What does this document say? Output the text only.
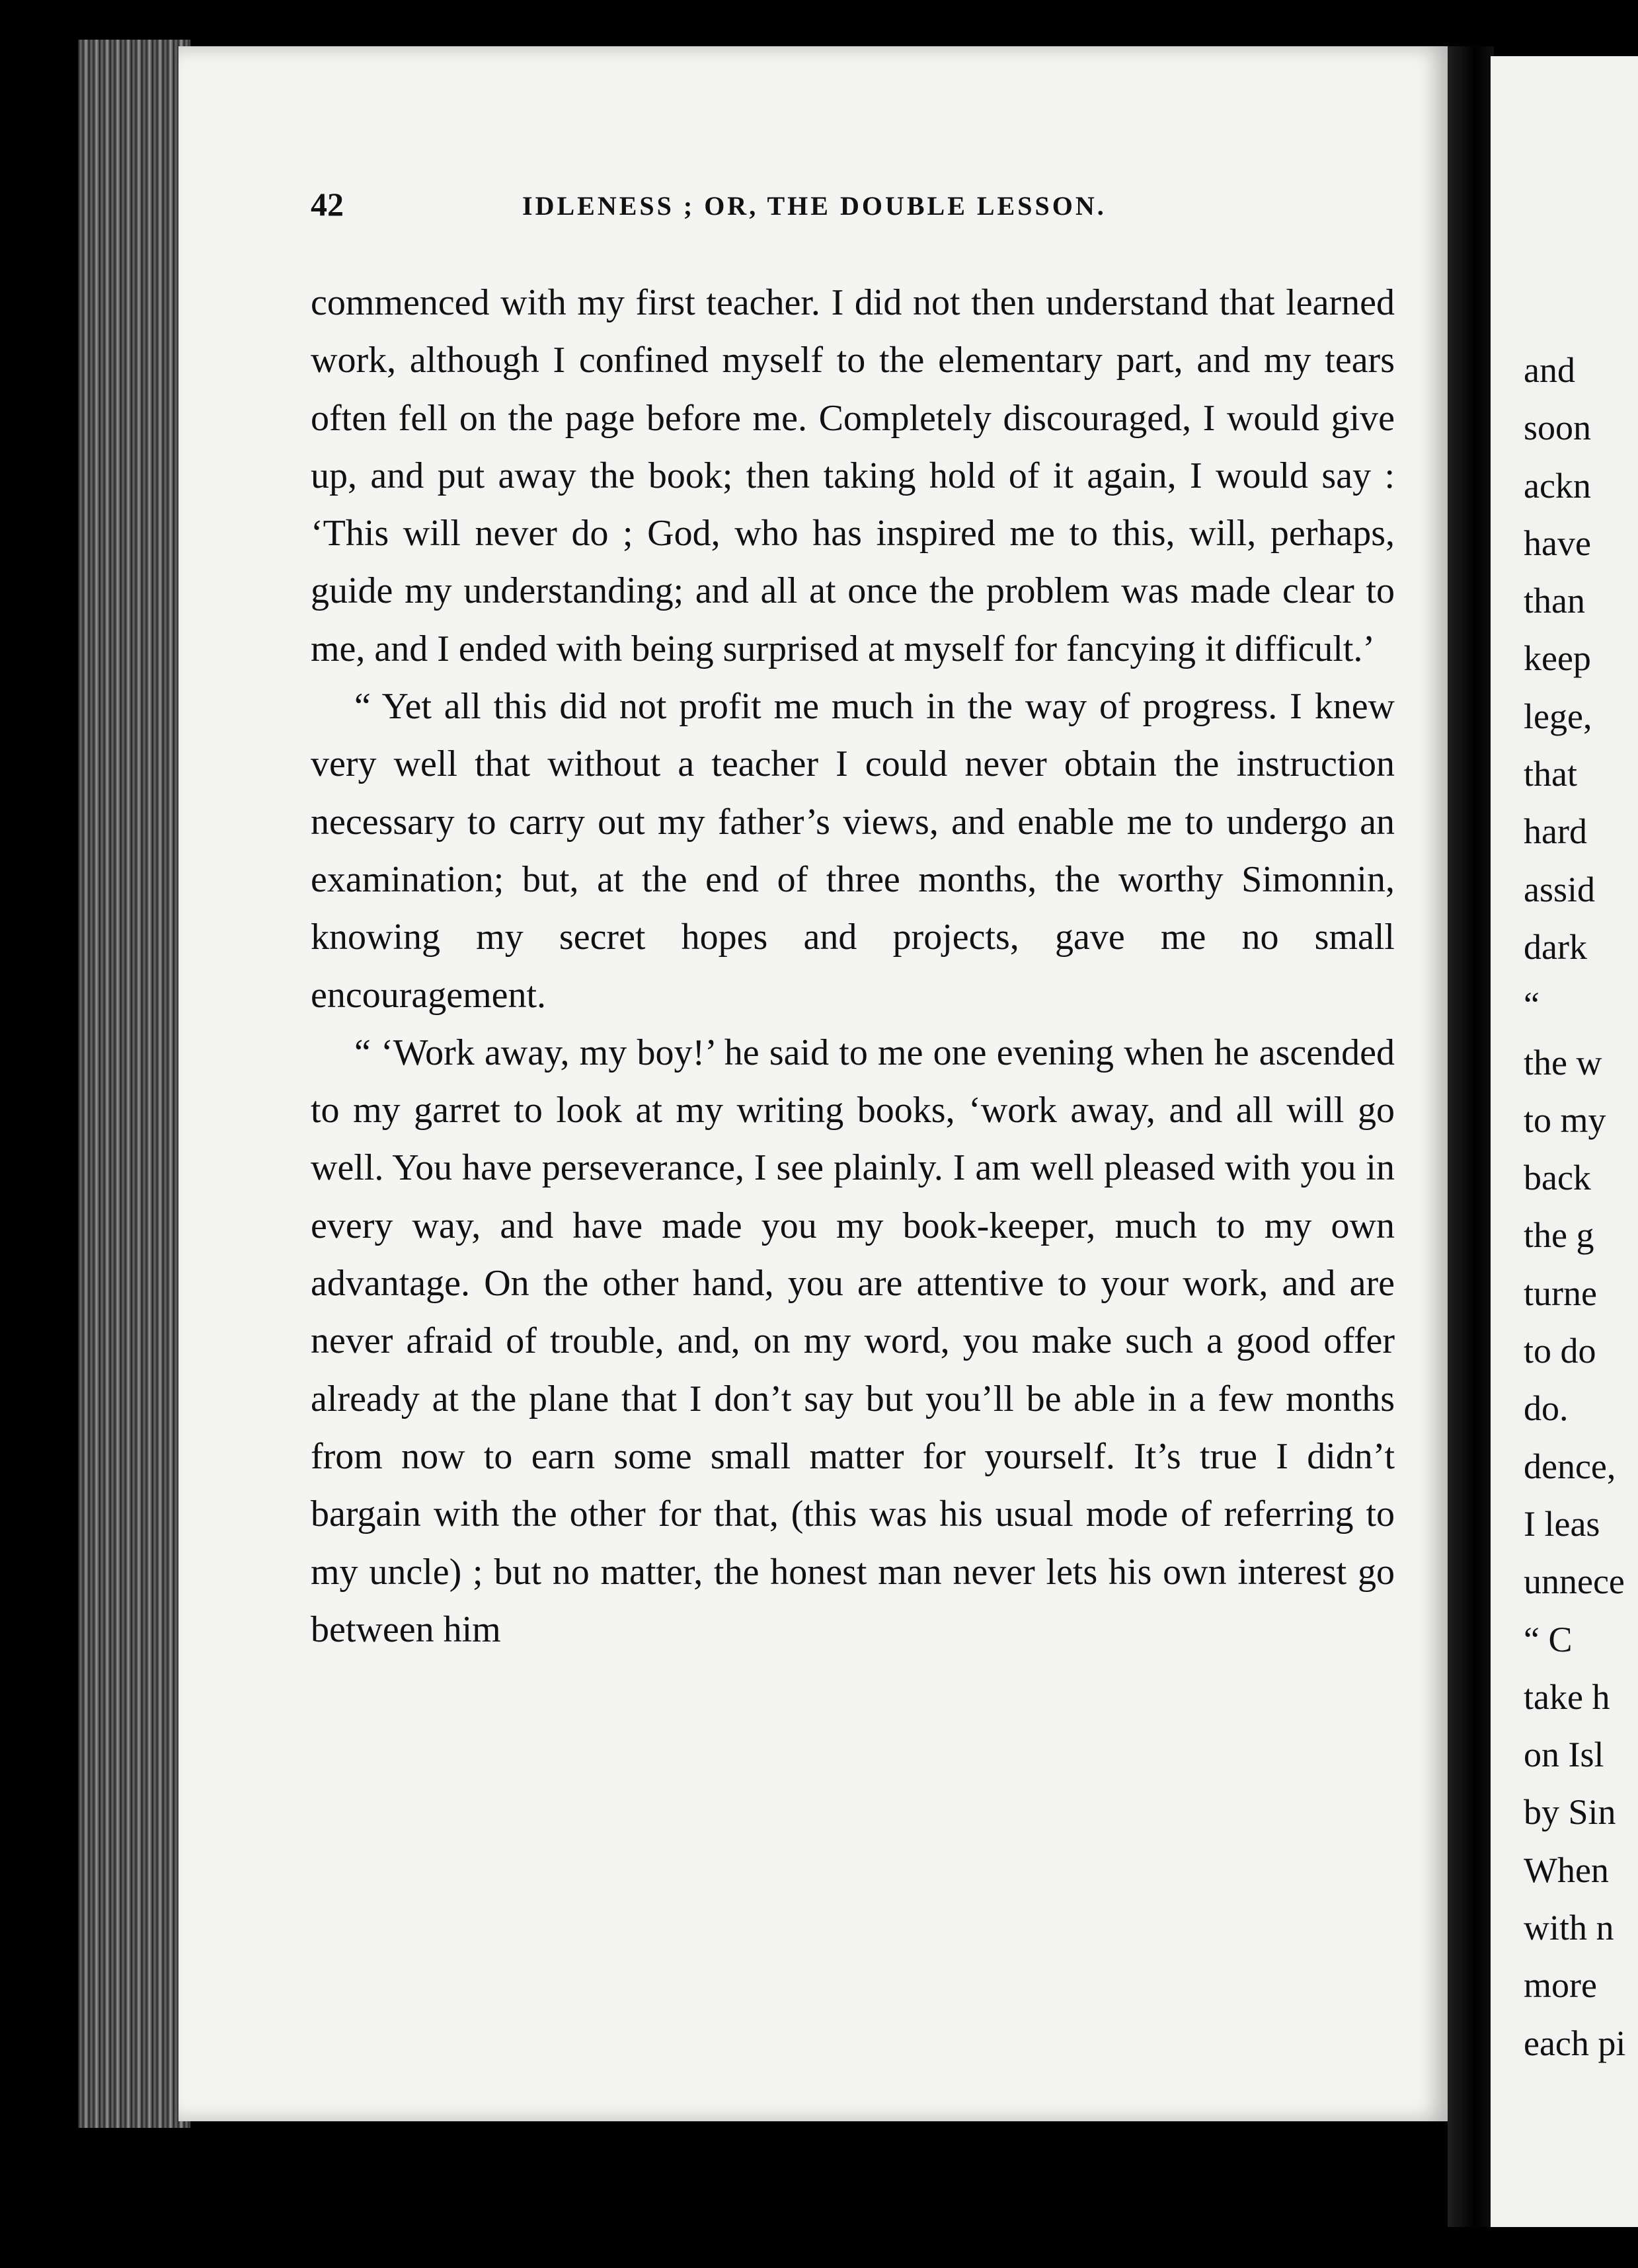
and
soon
ackn
have
than
keep
lege,
that
hard
assid
dark
“
the w
to my
back
the g
turne
to do
do.
dence,
I leas
unnece
“ C
take h
on Isl
by Sin
When
with n
more
each pi
42	IDLENESS ; OR, THE DOUBLE LESSON.

commenced with my first teacher. I did not then understand that learned work, although I confined myself to the elementary part, and my tears often fell on the page before me. Completely discouraged, I would give up, and put away the book; then taking hold of it again, I would say : ‘This will never do ; God, who has inspired me to this, will, perhaps, guide my understanding; and all at once the problem was made clear to me, and I ended with being surprised at myself for fancying it difficult.’

“ Yet all this did not profit me much in the way of progress. I knew very well that without a teacher I could never obtain the instruction necessary to carry out my father’s views, and enable me to undergo an examination; but, at the end of three months, the worthy Simonnin, knowing my secret hopes and projects, gave me no small encouragement.

“ ‘Work away, my boy!’ he said to me one evening when he ascended to my garret to look at my writing books, ‘work away, and all will go well. You have perseverance, I see plainly. I am well pleased with you in every way, and have made you my book-keeper, much to my own advantage. On the other hand, you are attentive to your work, and are never afraid of trouble, and, on my word, you make such a good offer already at the plane that I don’t say but you’ll be able in a few months from now to earn some small matter for yourself. It’s true I didn’t bargain with the other for that, (this was his usual mode of referring to my uncle) ; but no matter, the honest man never lets his own interest go between him
